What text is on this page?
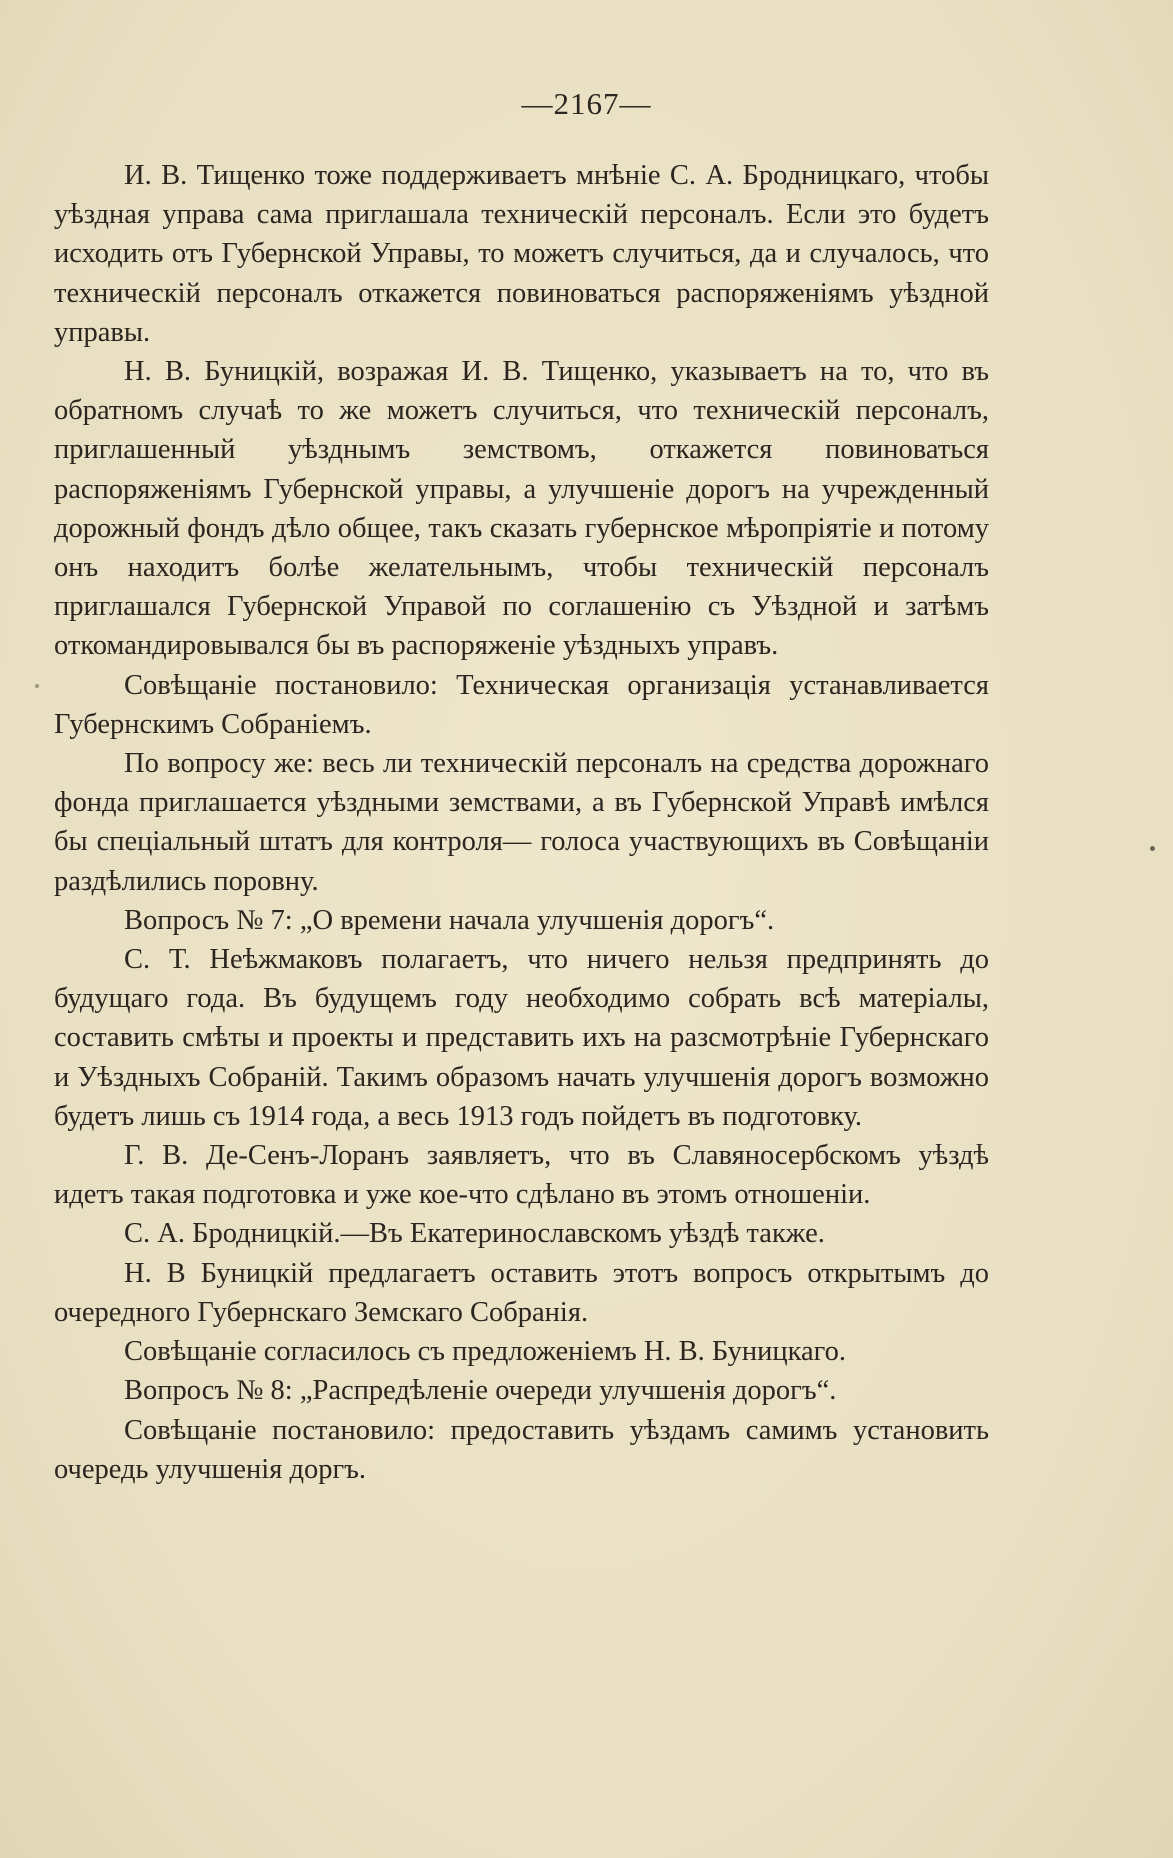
—2167—

И. В. Тищенко тоже поддерживаетъ мнѣніе С. А. Бродницкаго, чтобы уѣздная управа сама приглашала техническій персоналъ. Если это будетъ исходить отъ Губернской Управы, то можетъ случиться, да и случалось, что техническій персоналъ откажется повиноваться распоряженіямъ уѣздной управы.

Н. В. Буницкій, возражая И. В. Тищенко, указываетъ на то, что въ обратномъ случаѣ то же можетъ случиться, что техническій персоналъ, приглашенный уѣзднымъ земствомъ, откажется повиноваться распоряженіямъ Губернской управы, а улучшеніе дорогъ на учрежденный дорожный фондъ дѣло общее, такъ сказать губернское мѣропріятіе и потому онъ находитъ болѣе желательнымъ, чтобы техническій персоналъ приглашался Губернской Управой по соглашенію съ Уѣздной и затѣмъ откомандировывался бы въ распоряженіе уѣздныхъ управъ.

Совѣщаніе постановило: Техническая организація устанавливается Губернскимъ Собраніемъ.

По вопросу же: весь ли техническій персоналъ на средства дорожнаго фонда приглашается уѣздными земствами, а въ Губернской Управѣ имѣлся бы спеціальный штатъ для контроля— голоса участвующихъ въ Совѣщаніи раздѣлились поровну.

Вопросъ № 7: „О времени начала улучшенія дорогъ“.

С. Т. Неѣжмаковъ полагаетъ, что ничего нельзя предпринять до будущаго года. Въ будущемъ году необходимо собрать всѣ матеріалы, составить смѣты и проекты и представить ихъ на разсмотрѣніе Губернскаго и Уѣздныхъ Собраній. Такимъ образомъ начать улучшенія дорогъ возможно будетъ лишь съ 1914 года, а весь 1913 годъ пойдетъ въ подготовку.

Г. В. Де-Сенъ-Лоранъ заявляетъ, что въ Славяносербскомъ уѣздѣ идетъ такая подготовка и уже кое-что сдѣлано въ этомъ отношеніи.

С. А. Бродницкій.—Въ Екатеринославскомъ уѣздѣ также.

Н. В Буницкій предлагаетъ оставить этотъ вопросъ открытымъ до очередного Губернскаго Земскаго Собранія.

Совѣщаніе согласилось съ предложеніемъ Н. В. Буницкаго.

Вопросъ № 8: „Распредѣленіе очереди улучшенія дорогъ“.

Совѣщаніе постановило: предоставить уѣздамъ самимъ установить очередь улучшенія доргъ.
